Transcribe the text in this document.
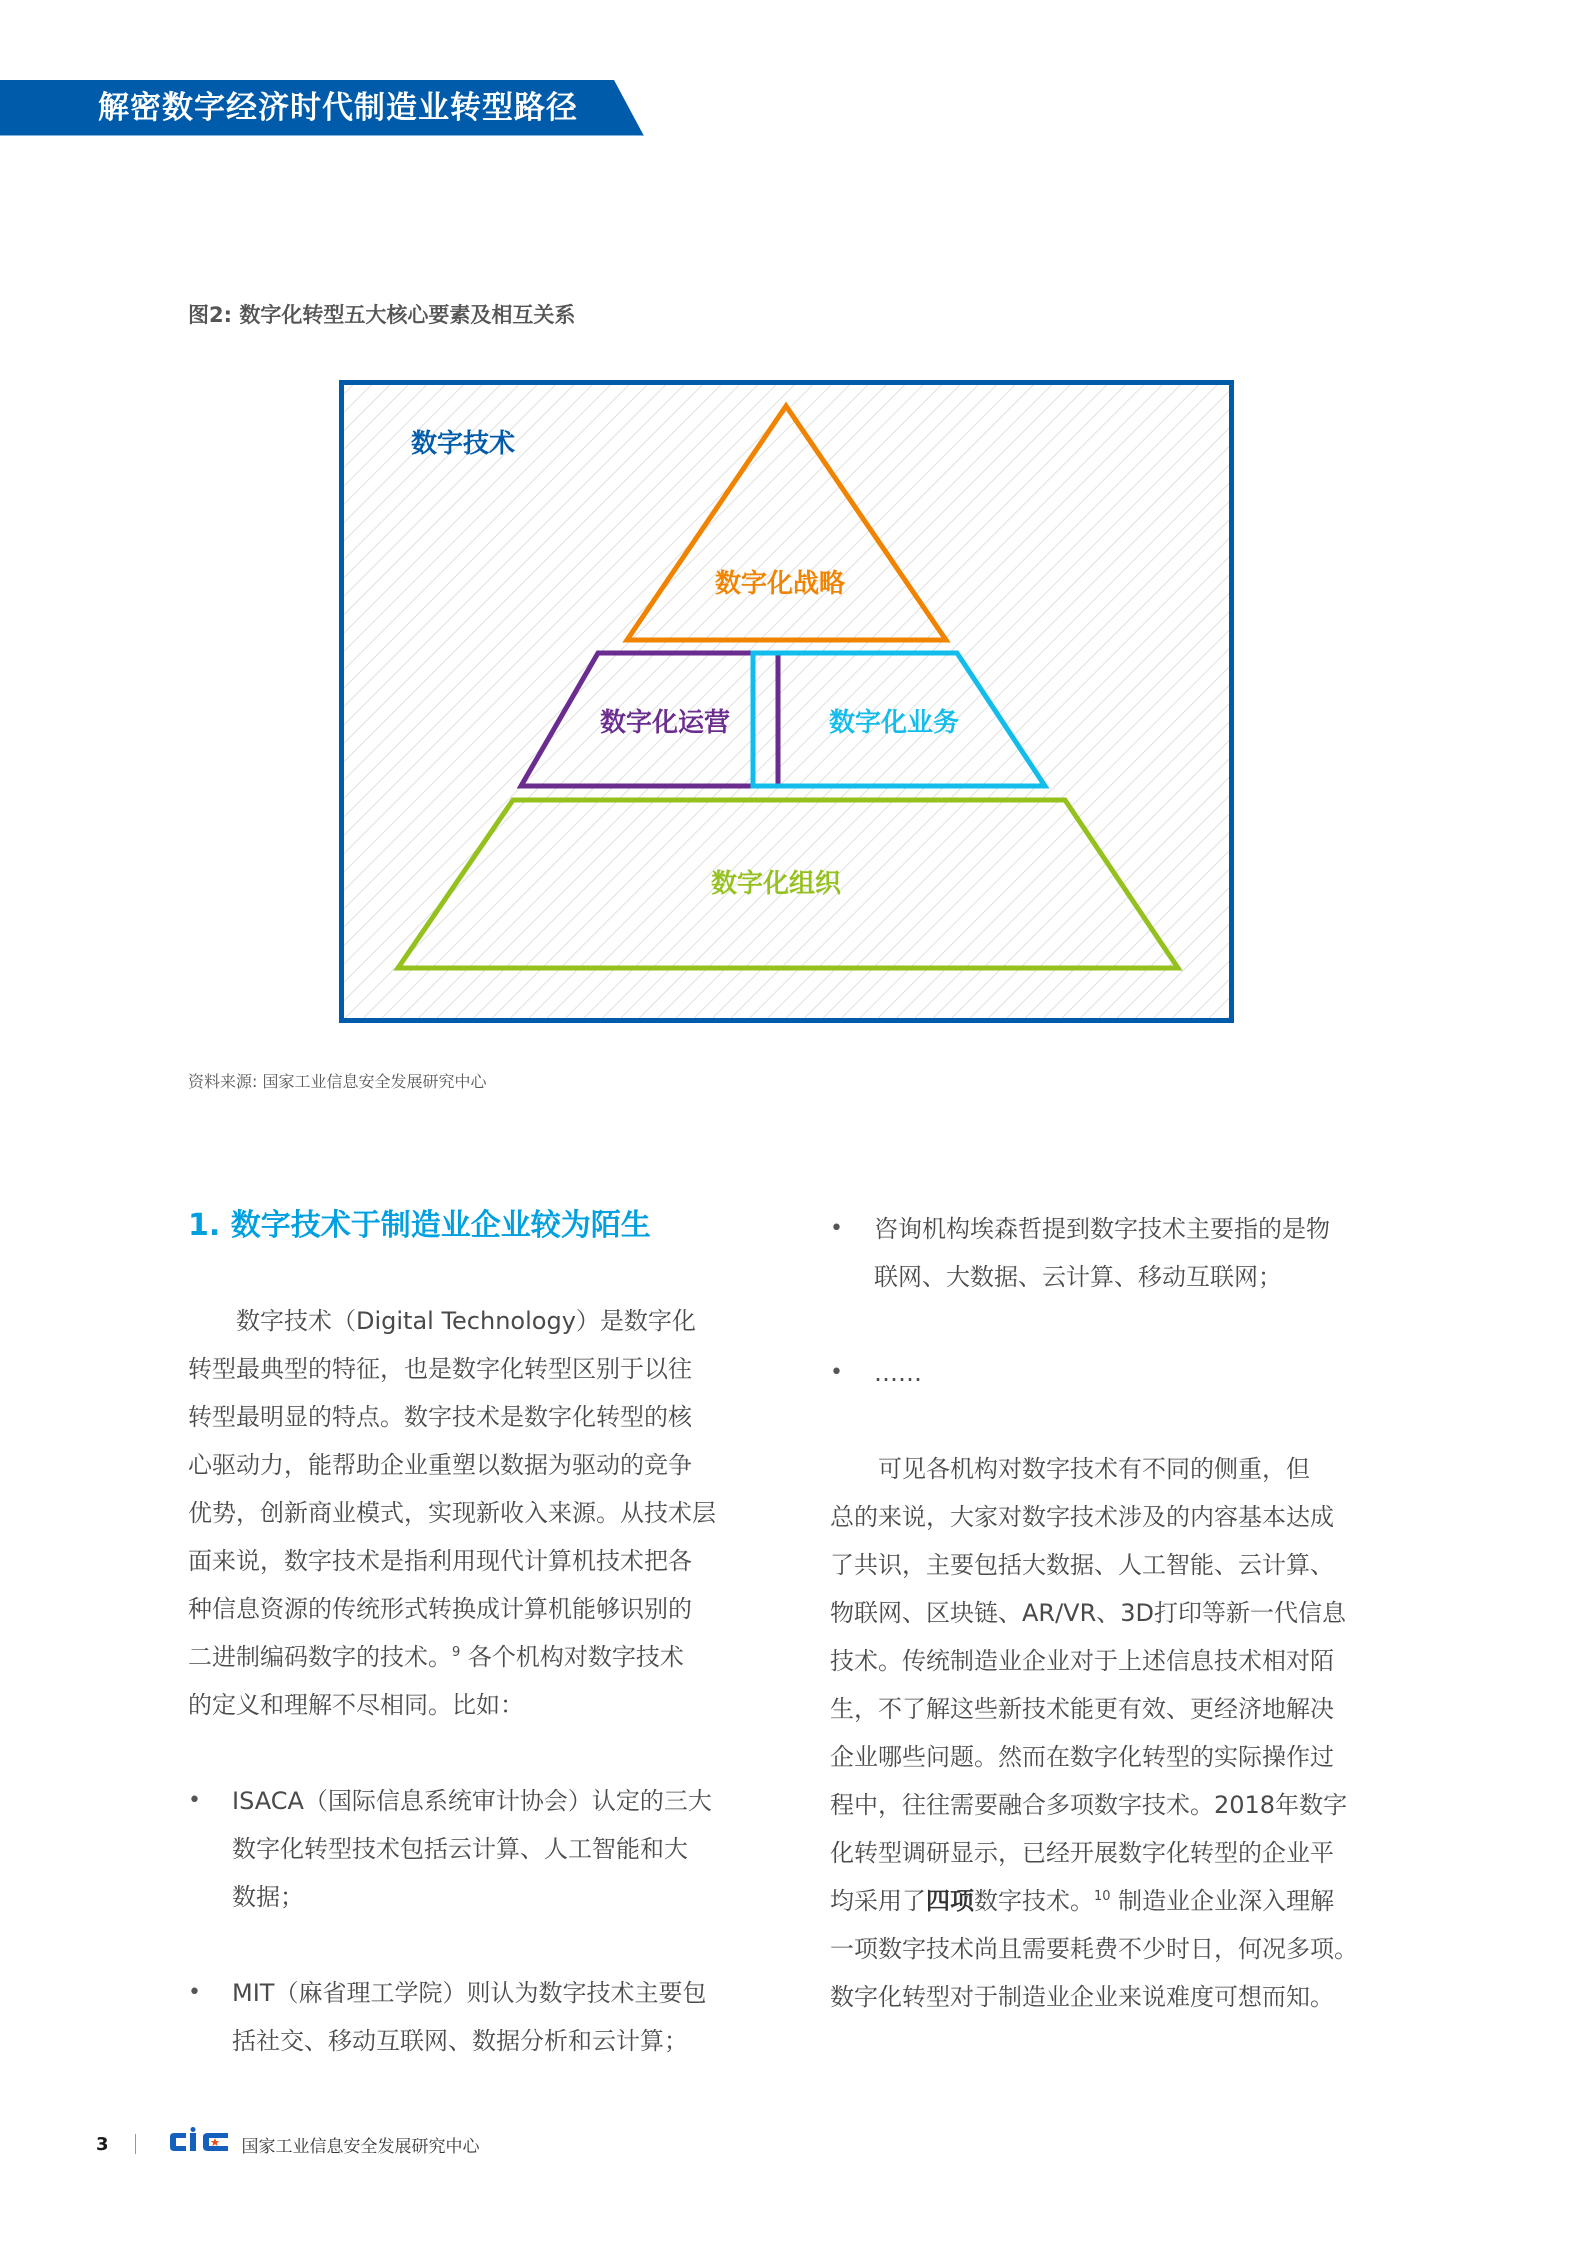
解密数字经济时代制造业转型路径
图2: 数字化转型五大核心要素及相互关系
数字技术
数字化战略
数字化运营	数字化业务
数字化组织
资料来源: 国家工业信息安全发展研究中心
1. 数字技术于制造业企业较为陌生
数字技术（Digital Technology）是数字化
转型最典型的特征，也是数字化转型区别于以往
转型最明显的特点。数字技术是数字化转型的核
心驱动力，能帮助企业重塑以数据为驱动的竞争
优势，创新商业模式，实现新收入来源。从技术层
面来说，数字技术是指利用现代计算机技术把各
种信息资源的传统形式转换成计算机能够识别的
二进制编码数字的技术。$^9$ 各个机构对数字技术
的定义和理解不尽相同。比如：
• ISACA（国际信息系统审计协会）认定的三大
数字化转型技术包括云计算、人工智能和大
数据；
• MIT（麻省理工学院）则认为数字技术主要包
括社交、移动互联网、数据分析和云计算；
• 咨询机构埃森哲提到数字技术主要指的是物
联网、大数据、云计算、移动互联网；
• ……
可见各机构对数字技术有不同的侧重，但
总的来说，大家对数字技术涉及的内容基本达成
了共识，主要包括大数据、人工智能、云计算、
物联网、区块链、AR/VR、3D打印等新一代信息
技术。传统制造业企业对于上述信息技术相对陌
生，不了解这些新技术能更有效、更经济地解决
企业哪些问题。然而在数字化转型的实际操作过
程中，往往需要融合多项数字技术。2018年数字
化转型调研显示，已经开展数字化转型的企业平
均采用了四项数字技术。$^{10}$ 制造业企业深入理解
一项数字技术尚且需要耗费不少时日，何况多项。
数字化转型对于制造业企业来说难度可想而知。
3	国家工业信息安全发展研究中心
